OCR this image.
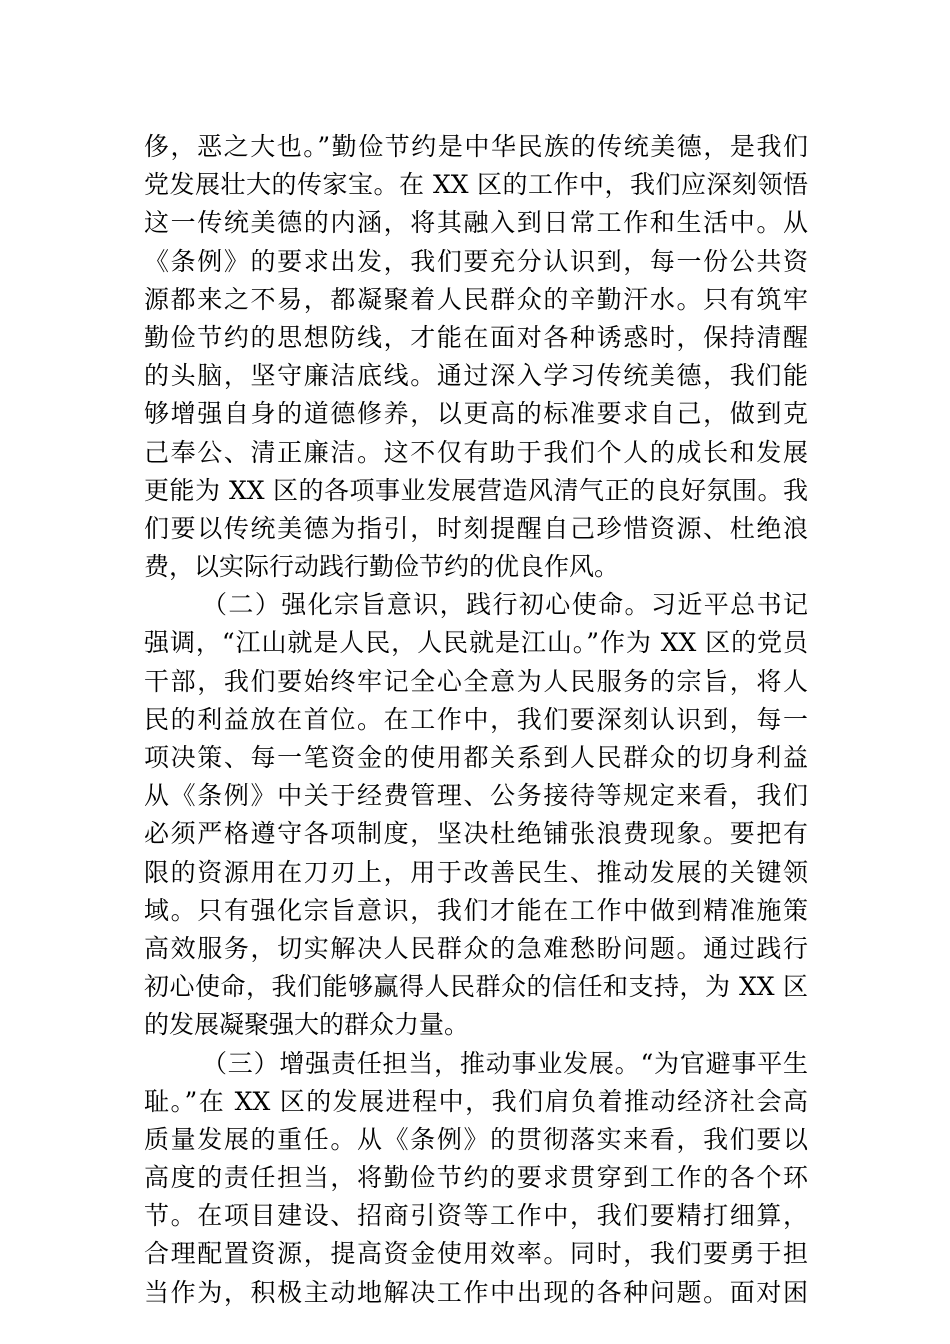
侈，恶之大也。”勤俭节约是中华民族的传统美德，是我们
党发展壮大的传家宝。在 XX 区的工作中，我们应深刻领悟
这一传统美德的内涵，将其融入到日常工作和生活中。从
《条例》的要求出发，我们要充分认识到，每一份公共资
源都来之不易，都凝聚着人民群众的辛勤汗水。只有筑牢
勤俭节约的思想防线，才能在面对各种诱惑时，保持清醒
的头脑，坚守廉洁底线。通过深入学习传统美德，我们能
够增强自身的道德修养，以更高的标准要求自己，做到克
己奉公、清正廉洁。这不仅有助于我们个人的成长和发展
更能为 XX 区的各项事业发展营造风清气正的良好氛围。我
们要以传统美德为指引，时刻提醒自己珍惜资源、杜绝浪
费，以实际行动践行勤俭节约的优良作风。
（二）强化宗旨意识，践行初心使命。习近平总书记
强调，“江山就是人民，人民就是江山。”作为 XX 区的党员
干部，我们要始终牢记全心全意为人民服务的宗旨，将人
民的利益放在首位。在工作中，我们要深刻认识到，每一
项决策、每一笔资金的使用都关系到人民群众的切身利益
从《条例》中关于经费管理、公务接待等规定来看，我们
必须严格遵守各项制度，坚决杜绝铺张浪费现象。要把有
限的资源用在刀刃上，用于改善民生、推动发展的关键领
域。只有强化宗旨意识，我们才能在工作中做到精准施策
高效服务，切实解决人民群众的急难愁盼问题。通过践行
初心使命，我们能够赢得人民群众的信任和支持，为 XX 区
的发展凝聚强大的群众力量。
（三）增强责任担当，推动事业发展。“为官避事平生
耻。”在 XX 区的发展进程中，我们肩负着推动经济社会高
质量发展的重任。从《条例》的贯彻落实来看，我们要以
高度的责任担当，将勤俭节约的要求贯穿到工作的各个环
节。在项目建设、招商引资等工作中，我们要精打细算，
合理配置资源，提高资金使用效率。同时，我们要勇于担
当作为，积极主动地解决工作中出现的各种问题。面对困
